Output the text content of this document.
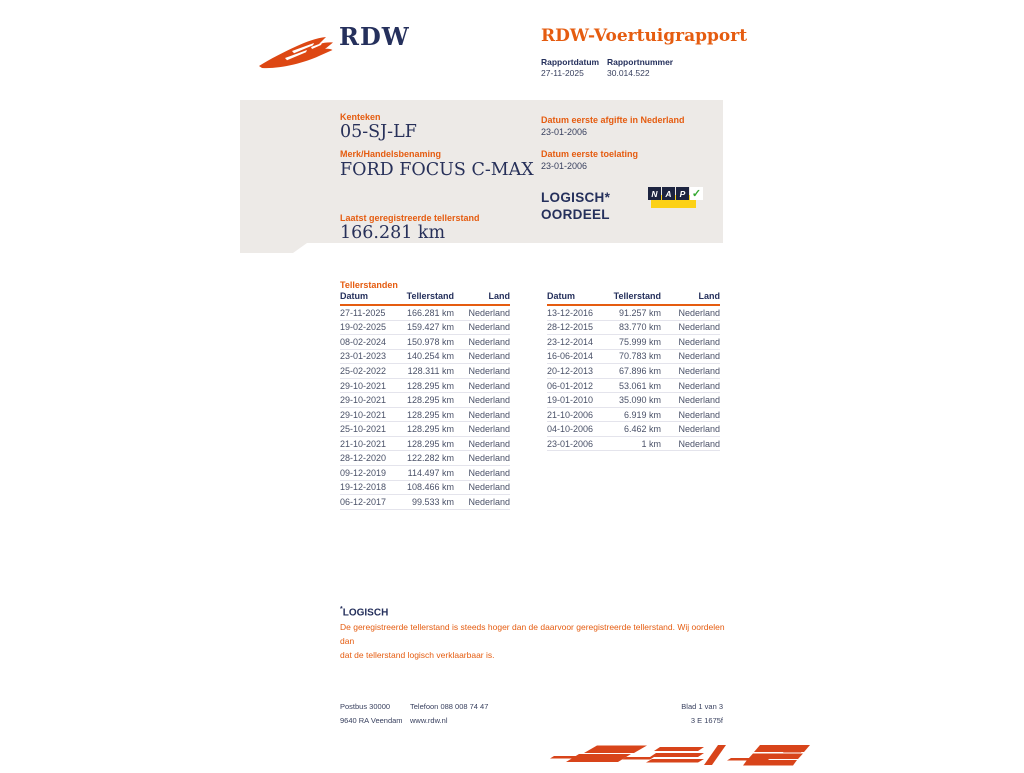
RDW	RDW-Voertuigrapport
Rapportdatum
27-11-2025
Rapportnummer
30.014.522
Kenteken
05-SJ-LF
Merk/Handelsbenaming
FORD FOCUS C-MAX
Laatst geregistreerde tellerstand
166.281 km
Datum eerste afgifte in Nederland
23-01-2006
Datum eerste toelating
23-01-2006
LOGISCH*
OORDEEL
N A P ✓
Tellerstanden
Datum	Tellerstand	Land
27-11-2025	166.281 km	Nederland
19-02-2025	159.427 km	Nederland
08-02-2024	150.978 km	Nederland
23-01-2023	140.254 km	Nederland
25-02-2022	128.311 km	Nederland
29-10-2021	128.295 km	Nederland
29-10-2021	128.295 km	Nederland
29-10-2021	128.295 km	Nederland
25-10-2021	128.295 km	Nederland
21-10-2021	128.295 km	Nederland
28-12-2020	122.282 km	Nederland
09-12-2019	114.497 km	Nederland
19-12-2018	108.466 km	Nederland
06-12-2017	99.533 km	Nederland
Datum	Tellerstand	Land
13-12-2016	91.257 km	Nederland
28-12-2015	83.770 km	Nederland
23-12-2014	75.999 km	Nederland
16-06-2014	70.783 km	Nederland
20-12-2013	67.896 km	Nederland
06-01-2012	53.061 km	Nederland
19-01-2010	35.090 km	Nederland
21-10-2006	6.919 km	Nederland
04-10-2006	6.462 km	Nederland
23-01-2006	1 km	Nederland
*LOGISCH
De geregistreerde tellerstand is steeds hoger dan de daarvoor geregistreerde tellerstand. Wij oordelen dan
dat de tellerstand logisch verklaarbaar is.
Postbus 30000
9640 RA Veendam
Telefoon 088 008 74 47
www.rdw.nl
Blad 1 van 3
3 E 1675f
